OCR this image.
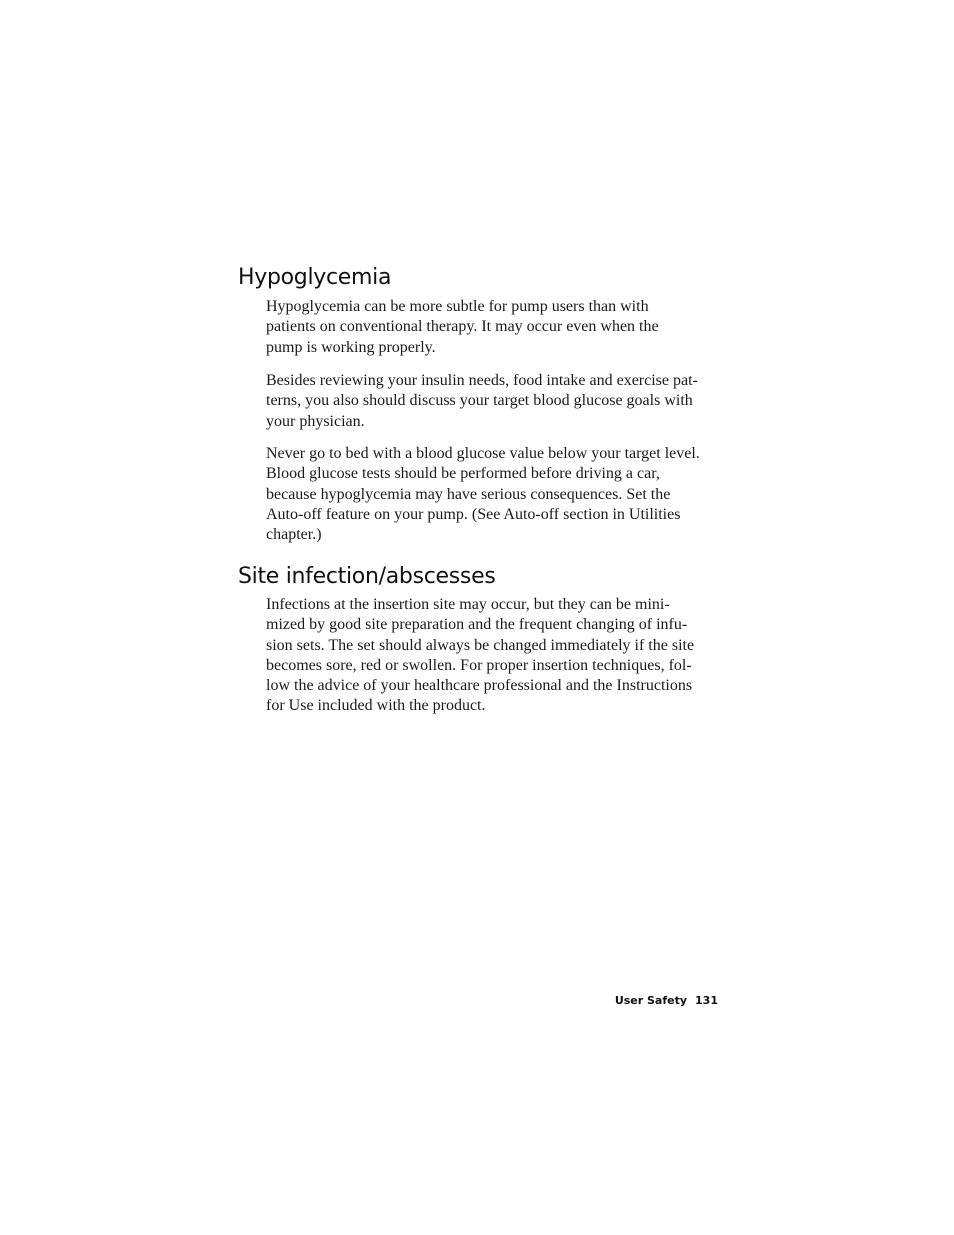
Hypoglycemia

Hypoglycemia can be more subtle for pump users than with
patients on conventional therapy. It may occur even when the
pump is working properly.

Besides reviewing your insulin needs, food intake and exercise pat-
terns, you also should discuss your target blood glucose goals with
your physician.

Never go to bed with a blood glucose value below your target level.
Blood glucose tests should be performed before driving a car,
because hypoglycemia may have serious consequences. Set the
Auto-off feature on your pump. (See Auto-off section in Utilities
chapter.)

Site infection/abscesses

Infections at the insertion site may occur, but they can be mini-
mized by good site preparation and the frequent changing of infu-
sion sets. The set should always be changed immediately if the site
becomes sore, red or swollen. For proper insertion techniques, fol-
low the advice of your healthcare professional and the Instructions
for Use included with the product.

User Safety 131
